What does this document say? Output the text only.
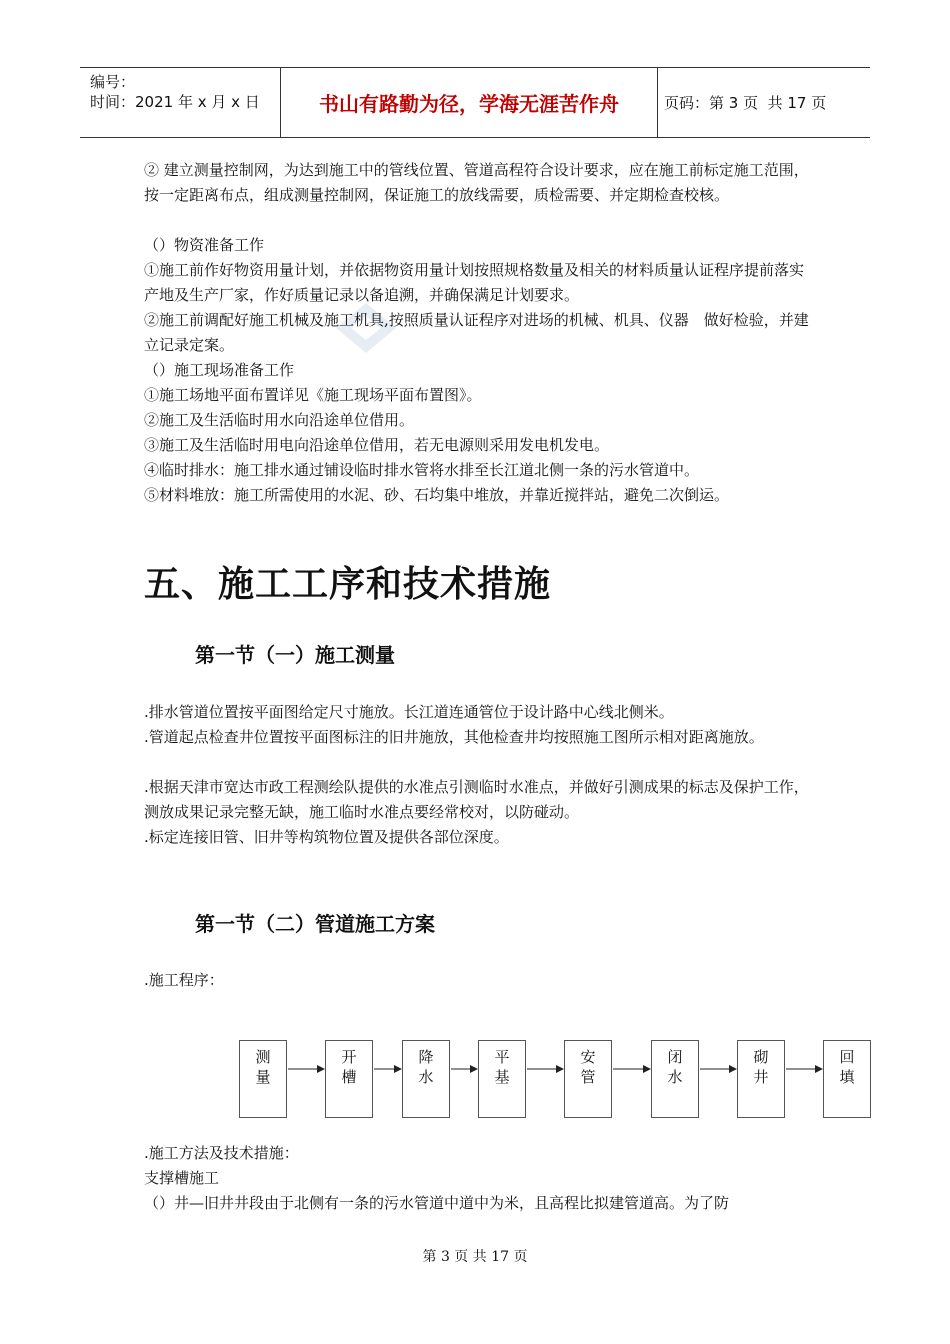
编号：
时间：2021 年 x 月 x 日	书山有路勤为径，学海无涯苦作舟	页码：第 3 页  共 17 页

② 建立测量控制网，为达到施工中的管线位置、管道高程符合设计要求，应在施工前标定施工范围，按一定距离布点，组成测量控制网，保证施工的放线需要，质检需要、并定期检查校核。

（）物资准备工作

①施工前作好物资用量计划，并依据物资用量计划按照规格数量及相关的材料质量认证程序提前落实产地及生产厂家，作好质量记录以备追溯，并确保满足计划要求。

②施工前调配好施工机械及施工机具,按照质量认证程序对进场的机械、机具、仪器　做好检验，并建立记录定案。

（）施工现场准备工作

①施工场地平面布置详见《施工现场平面布置图》。

②施工及生活临时用水向沿途单位借用。

③施工及生活临时用电向沿途单位借用，若无电源则采用发电机发电。

④临时排水：施工排水通过铺设临时排水管将水排至长江道北侧一条的污水管道中。

⑤材料堆放：施工所需使用的水泥、砂、石均集中堆放，并靠近搅拌站，避免二次倒运。

五、施工工序和技术措施
第一节（一）施工测量

.排水管道位置按平面图给定尺寸施放。长江道连通管位于设计路中心线北侧米。

.管道起点检查井位置按平面图标注的旧井施放，其他检查井均按照施工图所示相对距离施放。

.根据天津市宽达市政工程测绘队提供的水准点引测临时水准点，并做好引测成果的标志及保护工作，测放成果记录完整无缺，施工临时水准点要经常校对，以防碰动。

.标定连接旧管、旧井等构筑物位置及提供各部位深度。

第一节（二）管道施工方案

.施工程序：

测
量
开
槽
降
水
平
基
安
管
闭
水
砌
井
回
填

.施工方法及技术措施：

支撑槽施工

（）井—旧井井段由于北侧有一条的污水管道中道中为米，且高程比拟建管道高。为了防

第 3 页 共 17 页
